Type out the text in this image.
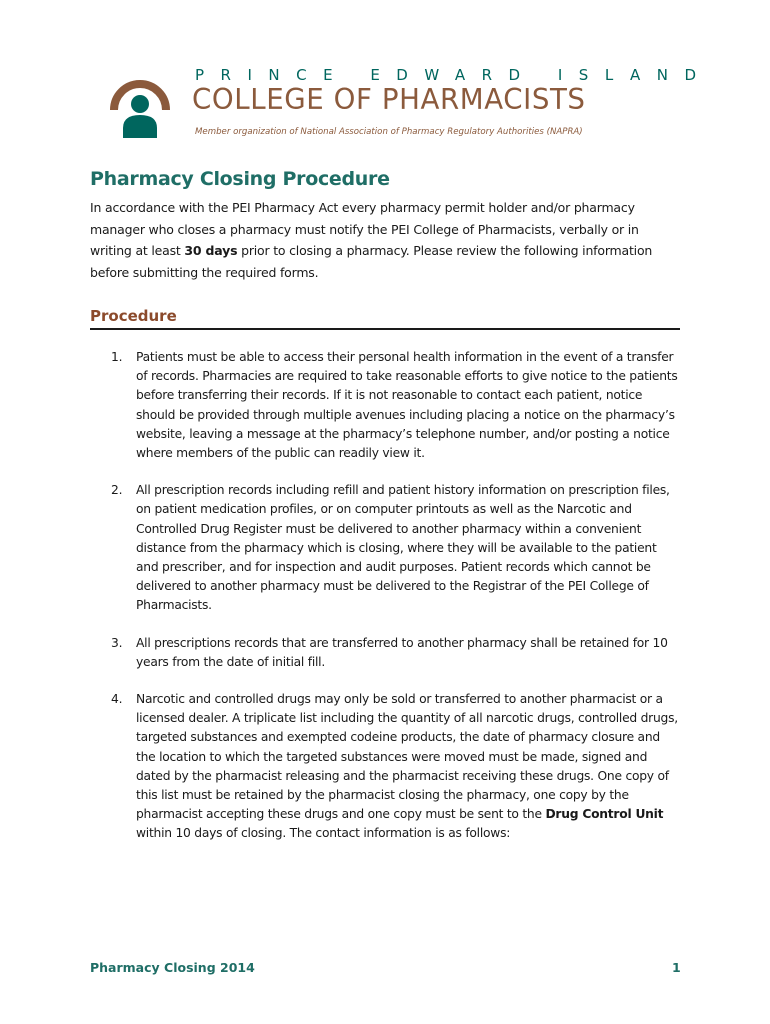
PRINCE EDWARD ISLAND
COLLEGE OF PHARMACISTS
Member organization of National Association of Pharmacy Regulatory Authorities (NAPRA)
Pharmacy Closing Procedure

In accordance with the PEI Pharmacy Act every pharmacy permit holder and/or pharmacy manager who closes a pharmacy must notify the PEI College of Pharmacists, verbally or in writing at least 30 days prior to closing a pharmacy. Please review the following information before submitting the required forms.

Procedure
1. Patients must be able to access their personal health information in the event of a transfer of records. Pharmacies are required to take reasonable efforts to give notice to the patients before transferring their records. If it is not reasonable to contact each patient, notice should be provided through multiple avenues including placing a notice on the pharmacy’s website, leaving a message at the pharmacy’s telephone number, and/or posting a notice where members of the public can readily view it.
2. All prescription records including refill and patient history information on prescription files, on patient medication profiles, or on computer printouts as well as the Narcotic and Controlled Drug Register must be delivered to another pharmacy within a convenient distance from the pharmacy which is closing, where they will be available to the patient and prescriber, and for inspection and audit purposes. Patient records which cannot be delivered to another pharmacy must be delivered to the Registrar of the PEI College of Pharmacists.
3. All prescriptions records that are transferred to another pharmacy shall be retained for 10 years from the date of initial fill.
4. Narcotic and controlled drugs may only be sold or transferred to another pharmacist or a licensed dealer. A triplicate list including the quantity of all narcotic drugs, controlled drugs, targeted substances and exempted codeine products, the date of pharmacy closure and the location to which the targeted substances were moved must be made, signed and dated by the pharmacist releasing and the pharmacist receiving these drugs. One copy of this list must be retained by the pharmacist closing the pharmacy, one copy by the pharmacist accepting these drugs and one copy must be sent to the Drug Control Unit within 10 days of closing. The contact information is as follows:
Pharmacy Closing 2014	1
